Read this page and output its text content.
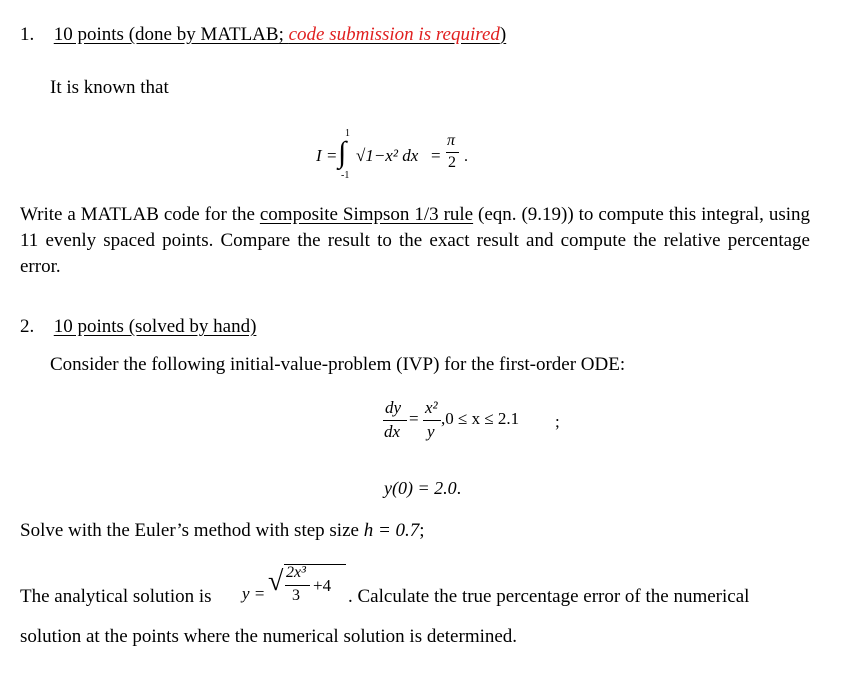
1. 10 points (done by MATLAB; code submission is required)
It is known that
I =
1
∫
-1
√1−x² dx =
π
2 .
Write a MATLAB code for the composite Simpson 1/3 rule (eqn. (9.19)) to compute this integral, using 11 evenly spaced points. Compare the result to the exact result and compute the relative percentage error.
2. 10 points (solved by hand)
Consider the following initial-value-problem (IVP) for the first-order ODE:
dy
dx
=
x²
y
,0 ≤ x ≤ 2.1 ;
y(0) = 2.0.
Solve with the Euler’s method with step size h = 0.7;
The analytical solution is y = √ 2x³
3
+4
. Calculate the true percentage error of the numerical
solution at the points where the numerical solution is determined.
